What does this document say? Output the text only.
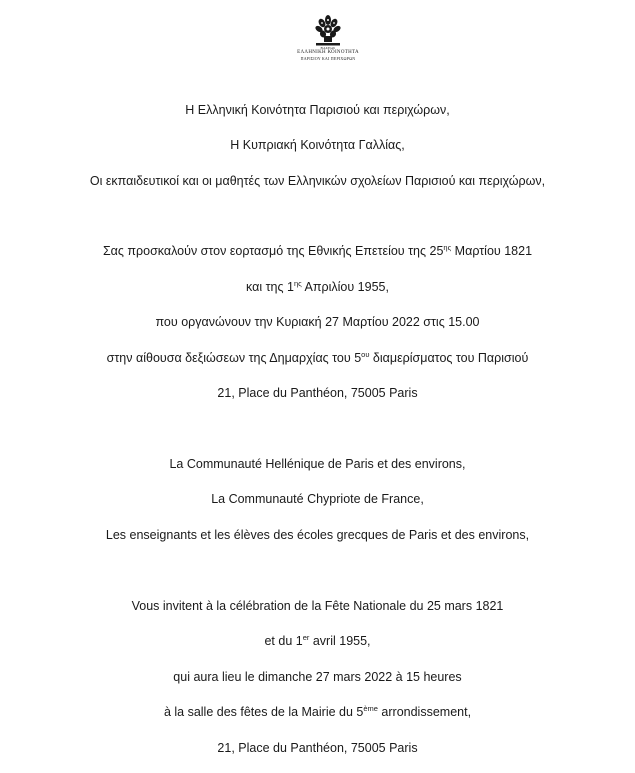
ΒΑΣΕΩΣ
ΕΛΛΗΝΙΚΗ ΚΟΙΝΟΤΗΤΑ
ΠΑΡΙΣΙΟΥ ΚΑΙ ΠΕΡΙΧΩΡΩΝ
Η Ελληνική Κοινότητα Παρισιού και περιχώρων,
Η Κυπριακή Κοινότητα Γαλλίας,
Οι εκπαιδευτικοί και οι μαθητές των Ελληνικών σχολείων Παρισιού και περιχώρων,
Σας προσκαλούν στον εορτασμό της Εθνικής Επετείου της $25^{\eta\varsigma}$ Μαρτίου 1821
και της $1^{\eta\varsigma}$ Απριλίου 1955,
που οργανώνουν την Κυριακή 27 Μαρτίου 2022 στις 15.00
στην αίθουσα δεξιώσεων της Δημαρχίας του $5^{o\upsilon}$ διαμερίσματος του Παρισιού
21, Place du Panthéon, 75005 Paris
La Communauté Hellénique de Paris et des environs,
La Communauté Chypriote de France,
Les enseignants et les élèves des écoles grecques de Paris et des environs,
Vous invitent à la célébration de la Fête Nationale du 25 mars 1821
et du 1er avril 1955,
qui aura lieu le dimanche 27 mars 2022 à 15 heures
à la salle des fêtes de la Mairie du 5ème arrondissement,
21, Place du Panthéon, 75005 Paris
